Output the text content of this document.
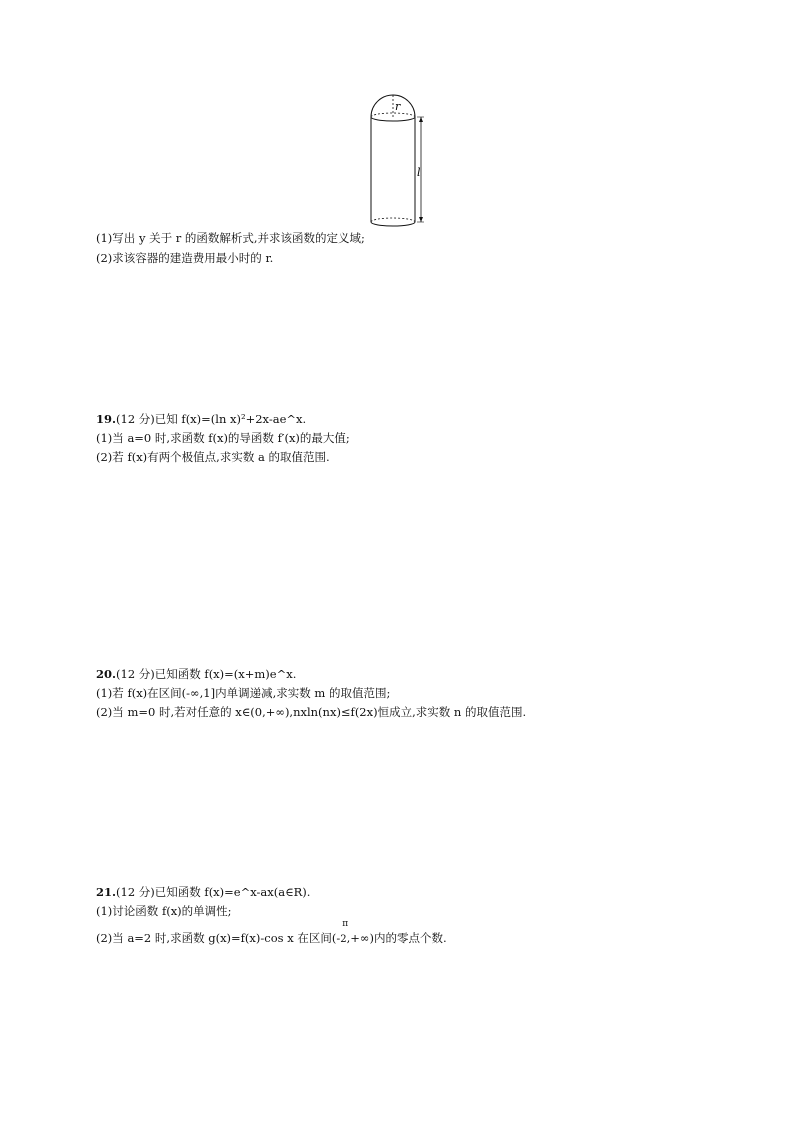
r
l
(1)写出 y 关于 r 的函数解析式,并求该函数的定义域;
(2)求该容器的建造费用最小时的 r.
19.(12 分)已知 f(x)=(ln x)²+2x-ae^x.
(1)当 a=0 时,求函数 f(x)的导函数 f′(x)的最大值;
(2)若 f(x)有两个极值点,求实数 a 的取值范围.
20.(12 分)已知函数 f(x)=(x+m)e^x.
(1)若 f(x)在区间(-∞,1]内单调递减,求实数 m 的取值范围;
(2)当 m=0 时,若对任意的 x∈(0,+∞),nxln(nx)≤f(2x)恒成立,求实数 n 的取值范围.
21.(12 分)已知函数 f(x)=e^x-ax(a∈R).
(1)讨论函数 f(x)的单调性;
(2)当 a=2 时,求函数 g(x)=f(x)-cos x 在区间(-
π
2,+∞)内的零点个数.
